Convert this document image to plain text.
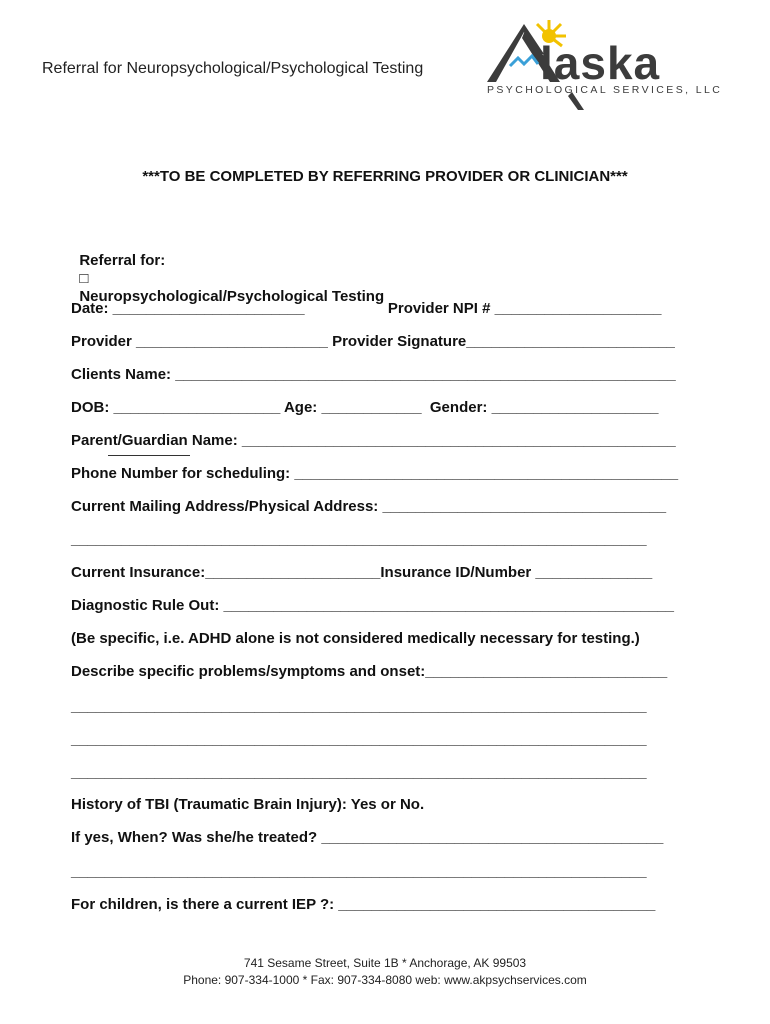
Referral for Neuropsychological/Psychological Testing	laska
PSYCHOLOGICAL SERVICES, LLC
***TO BE COMPLETED BY REFERRING PROVIDER OR CLINICIAN***

Referral for:
□
Neuropsychological/Psychological Testing

Date: _______________________                    Provider NPI # ____________________
Provider _______________________ Provider Signature_________________________
Clients Name: ____________________________________________________________
DOB: ____________________ Age: ____________  Gender: ____________________
Parent/Guardian Name: ____________________________________________________
Phone Number for scheduling: ______________________________________________
Current Mailing Address/Physical Address: __________________________________
_____________________________________________________________________
Current Insurance:_____________________Insurance ID/Number ______________
Diagnostic Rule Out: ______________________________________________________
(Be specific, i.e. ADHD alone is not considered medically necessary for testing.)
Describe specific problems/symptoms and onset:_____________________________
_____________________________________________________________________
_____________________________________________________________________
_____________________________________________________________________
History of TBI (Traumatic Brain Injury): Yes or No.
If yes, When? Was she/he treated? _________________________________________
_____________________________________________________________________
For children, is there a current IEP ?: ______________________________________
741 Sesame Street, Suite 1B * Anchorage, AK 99503
Phone: 907-334-1000 * Fax: 907-334-8080 web: www.akpsychservices.com
